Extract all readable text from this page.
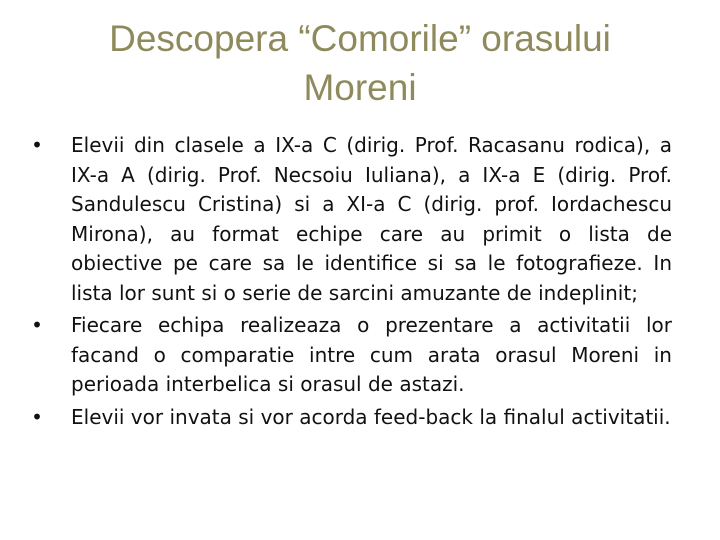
Descopera “Comorile” orasului
Moreni
• Elevii din clasele a IX-a C (dirig. Prof. Racasanu rodica), a IX-a A (dirig. Prof. Necsoiu Iuliana), a IX-a E (dirig. Prof. Sandulescu Cristina) si a XI-a C (dirig. prof. Iordachescu Mirona), au format echipe care au primit o lista de obiective pe care sa le identifice si sa le fotografieze. In lista lor sunt si o serie de sarcini amuzante de indeplinit;
• Fiecare echipa realizeaza o prezentare a activitatii lor facand o comparatie intre cum arata orasul Moreni in perioada interbelica si orasul de astazi.
• Elevii vor invata si vor acorda feed-back la finalul activitatii.
